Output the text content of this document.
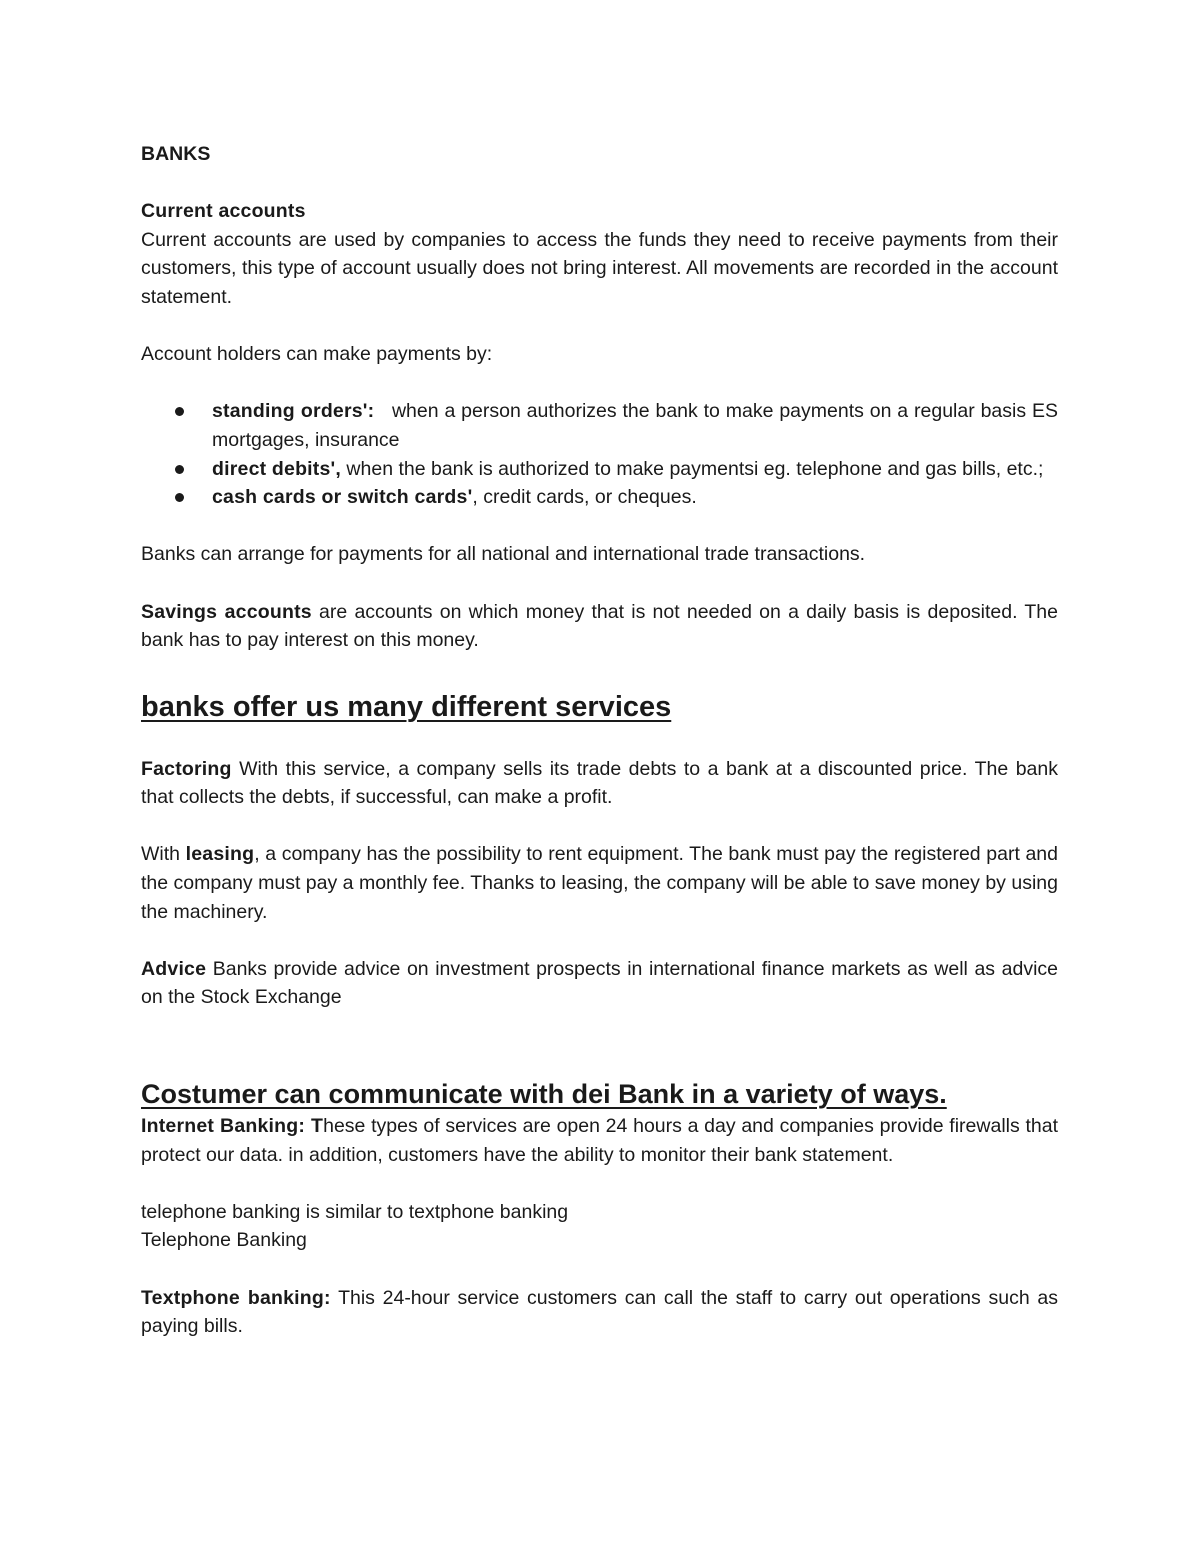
BANKS

Current accounts

Current accounts are used by companies to access the funds they need to receive payments from their customers, this type of account usually does not bring interest. All movements are recorded in the account statement.

Account holders can make payments by:

standing orders':   when a person authorizes the bank to make payments on a regular basis ES mortgages, insurance
direct debits', when the bank is authorized to make paymentsi eg. telephone and gas bills, etc.;
cash cards or switch cards', credit cards, or cheques.

Banks can arrange for payments for all national and international trade transactions.

Savings accounts are accounts on which money that is not needed on a daily basis is deposited. The bank has to pay interest on this money.

banks offer us many different services

Factoring With this service, a company sells its trade debts to a bank at a discounted price. The bank that collects the debts, if successful, can make a profit.

With leasing, a company has the possibility to rent equipment. The bank must pay the registered part and the company must pay a monthly fee. Thanks to leasing, the company will be able to save money by using the machinery.

Advice Banks provide advice on investment prospects in international finance markets as well as advice on the Stock Exchange

Costumer can communicate with dei Bank in a variety of ways.

Internet Banking: These types of services are open 24 hours a day and companies provide firewalls that protect our data. in addition, customers have the ability to monitor their bank statement.

telephone banking is similar to textphone banking

Telephone Banking

Textphone banking: This 24-hour service customers can call the staff to carry out operations such as paying bills.
